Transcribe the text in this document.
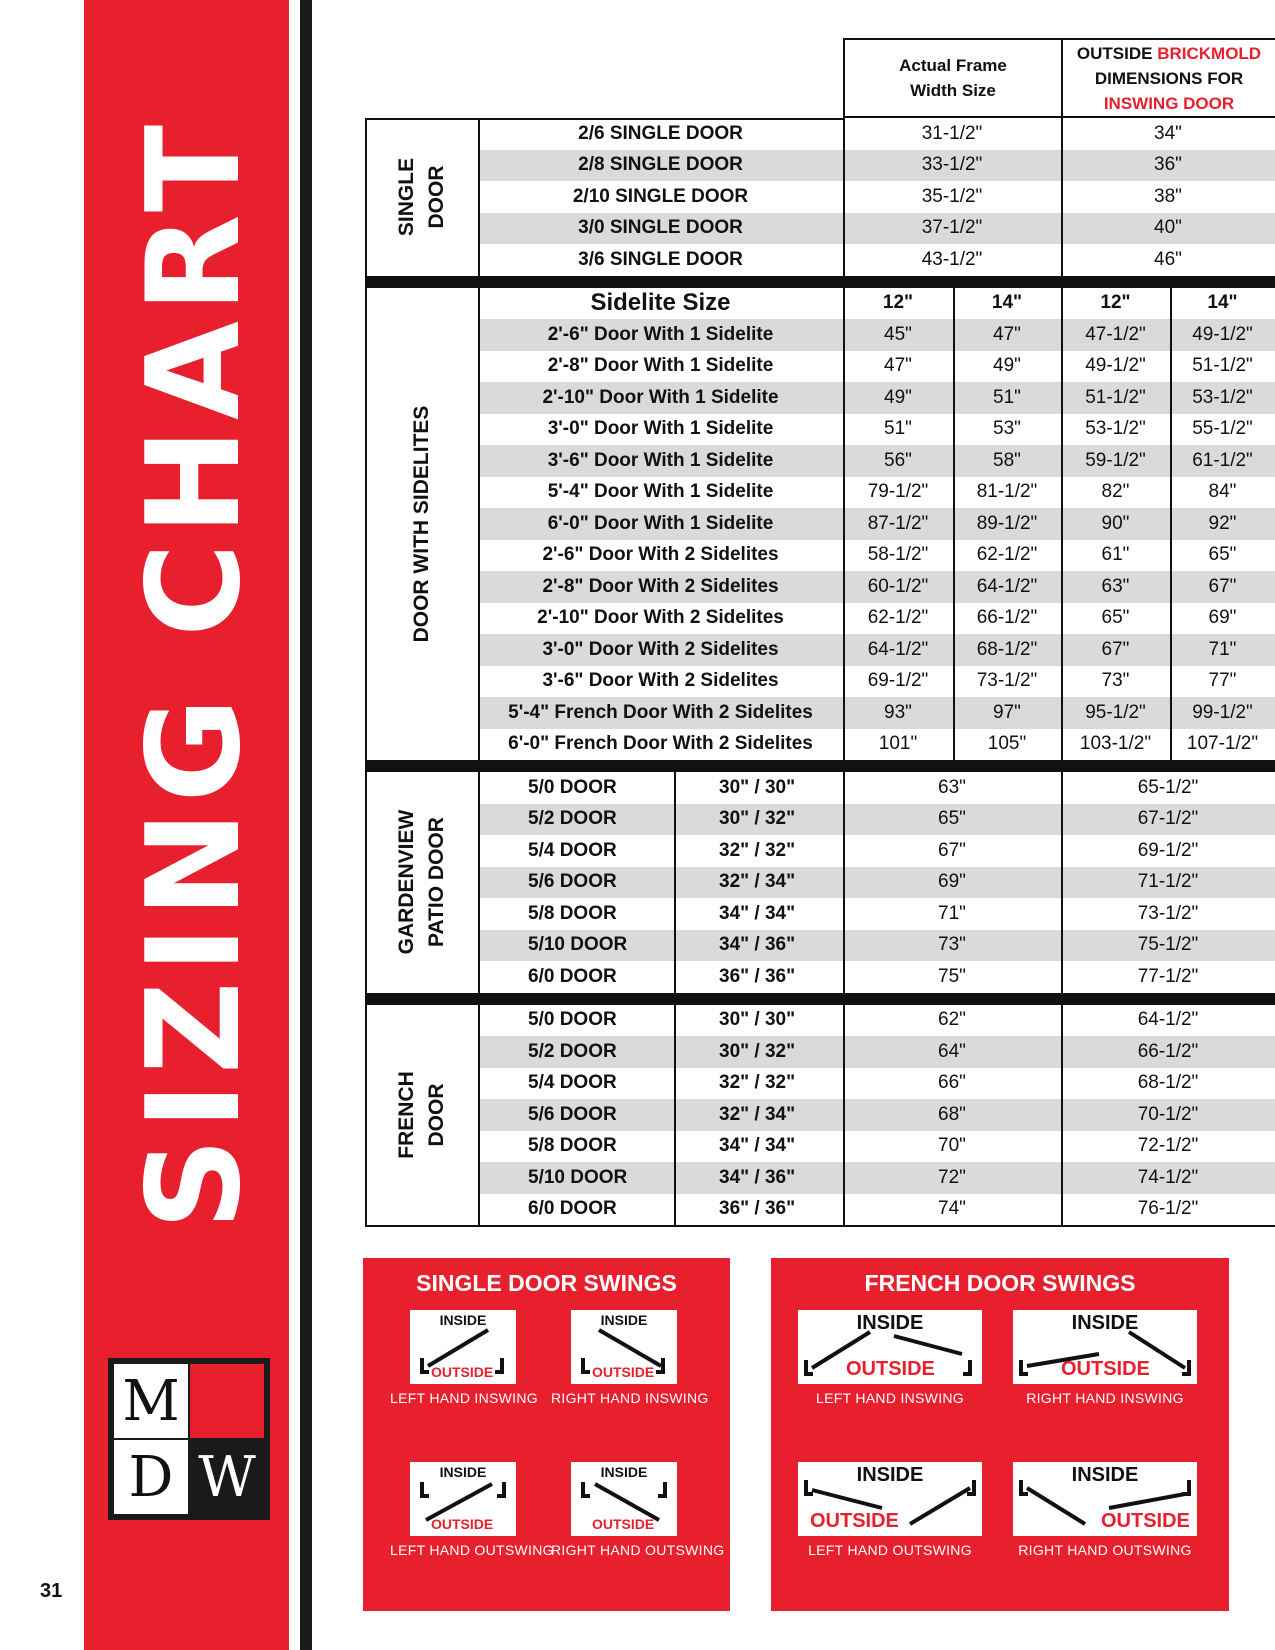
SIZING CHART
M
D W
31
Actual Frame Width Size
OUTSIDE BRICKMOLD DIMENSIONS FOR INSWING DOOR
2/6 SINGLE DOOR	31-1/2"	34"
2/8 SINGLE DOOR	33-1/2"	36"
2/10 SINGLE DOOR	35-1/2"	38"
3/0 SINGLE DOOR	37-1/2"	40"
3/6 SINGLE DOOR	43-1/2"	46"
SINGLE DOOR
Sidelite Size	12"	14"	12"	14"
2'-6" Door With 1 Sidelite	45"	47"	47-1/2"	49-1/2"
2'-8" Door With 1 Sidelite	47"	49"	49-1/2"	51-1/2"
2'-10" Door With 1 Sidelite	49"	51"	51-1/2"	53-1/2"
3'-0" Door With 1 Sidelite	51"	53"	53-1/2"	55-1/2"
3'-6" Door With 1 Sidelite	56"	58"	59-1/2"	61-1/2"
5'-4" Door With 1 Sidelite	79-1/2"	81-1/2"	82"	84"
6'-0" Door With 1 Sidelite	87-1/2"	89-1/2"	90"	92"
2'-6" Door With 2 Sidelites	58-1/2"	62-1/2"	61"	65"
2'-8" Door With 2 Sidelites	60-1/2"	64-1/2"	63"	67"
2'-10" Door With 2 Sidelites	62-1/2"	66-1/2"	65"	69"
3'-0" Door With 2 Sidelites	64-1/2"	68-1/2"	67"	71"
3'-6" Door With 2 Sidelites	69-1/2"	73-1/2"	73"	77"
5'-4" French Door With 2 Sidelites	93"	97"	95-1/2"	99-1/2"
6'-0" French Door With 2 Sidelites	101"	105"	103-1/2"	107-1/2"
DOOR WITH SIDELITES
5/0 DOOR	30" / 30"	63"	65-1/2"
5/2 DOOR	30" / 32"	65"	67-1/2"
5/4 DOOR	32" / 32"	67"	69-1/2"
5/6 DOOR	32" / 34"	69"	71-1/2"
5/8 DOOR	34" / 34"	71"	73-1/2"
5/10 DOOR	34" / 36"	73"	75-1/2"
6/0 DOOR	36" / 36"	75"	77-1/2"
GARDENVIEW PATIO DOOR
5/0 DOOR	30" / 30"	62"	64-1/2"
5/2 DOOR	30" / 32"	64"	66-1/2"
5/4 DOOR	32" / 32"	66"	68-1/2"
5/6 DOOR	32" / 34"	68"	70-1/2"
5/8 DOOR	34" / 34"	70"	72-1/2"
5/10 DOOR	34" / 36"	72"	74-1/2"
6/0 DOOR	36" / 36"	74"	76-1/2"
FRENCH DOOR
SINGLE DOOR SWINGS
INSIDE
OUTSIDE
LEFT HAND INSWING
INSIDE
OUTSIDE
RIGHT HAND INSWING
INSIDE
OUTSIDE
LEFT HAND OUTSWING
INSIDE
OUTSIDE
RIGHT HAND OUTSWING
FRENCH DOOR SWINGS
INSIDE
OUTSIDE
LEFT HAND INSWING
INSIDE
OUTSIDE
RIGHT HAND INSWING
INSIDE
OUTSIDE
LEFT HAND OUTSWING
INSIDE
OUTSIDE
RIGHT HAND OUTSWING
